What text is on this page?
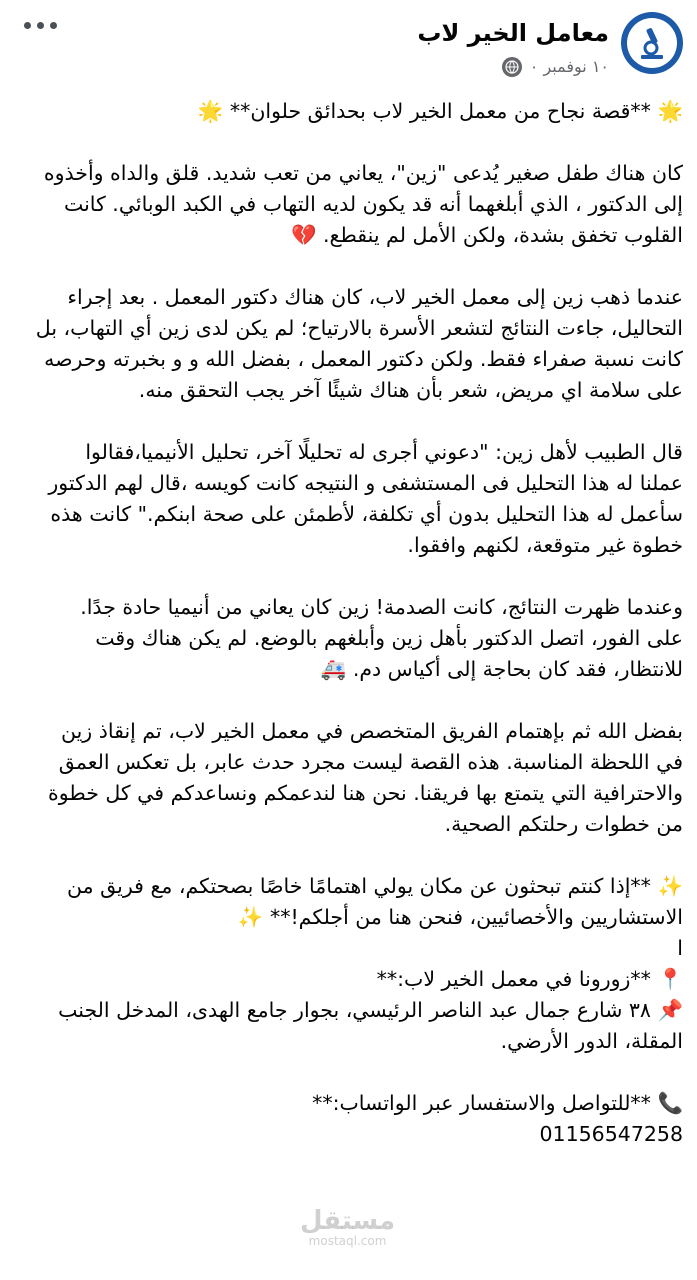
معامل الخير لاب
١٠ نوفمبر ٠
🌟 **قصة نجاح من معمل الخير لاب بحدائق حلوان** 🌟
كان هناك طفل صغير يُدعى "زين"، يعاني من تعب شديد. قلق والداه وأخذوه
إلى الدكتور ، الذي أبلغهما أنه قد يكون لديه التهاب في الكبد الوبائي. كانت
القلوب تخفق بشدة، ولكن الأمل لم ينقطع. 💔
عندما ذهب زين إلى معمل الخير لاب، كان هناك دكتور المعمل . بعد إجراء
التحاليل، جاءت النتائج لتشعر الأسرة بالارتياح؛ لم يكن لدى زين أي التهاب، بل
كانت نسبة صفراء فقط. ولكن دكتور المعمل ، بفضل الله و و بخبرته وحرصه
على سلامة اي مريض، شعر بأن هناك شيئًا آخر يجب التحقق منه.
قال الطبيب لأهل زين: "دعوني أجرى له تحليلًا آخر، تحليل الأنيميا،فقالوا
عملنا له هذا التحليل فى المستشفى و النتيجه كانت كويسه ،قال لهم الدكتور
سأعمل له هذا التحليل بدون أي تكلفة، لأطمئن على صحة ابنكم." كانت هذه
خطوة غير متوقعة، لكنهم وافقوا.
وعندما ظهرت النتائج، كانت الصدمة! زين كان يعاني من أنيميا حادة جدًا.
على الفور، اتصل الدكتور بأهل زين وأبلغهم بالوضع. لم يكن هناك وقت
للانتظار، فقد كان بحاجة إلى أكياس دم. 🚑
بفضل الله ثم بإهتمام الفريق المتخصص في معمل الخير لاب، تم إنقاذ زين
في اللحظة المناسبة. هذه القصة ليست مجرد حدث عابر، بل تعكس العمق
والاحترافية التي يتمتع بها فريقنا. نحن هنا لندعمكم ونساعدكم في كل خطوة
من خطوات رحلتكم الصحية.
✨ **إذا كنتم تبحثون عن مكان يولي اهتمامًا خاصًا بصحتكم، مع فريق من
الاستشاريين والأخصائيين، فنحن هنا من أجلكم!** ✨
ا
📍 **زورونا في معمل الخير لاب:**
📌 ٣٨ شارع جمال عبد الناصر الرئيسي، بجوار جامع الهدى، المدخل الجنب
المقلة، الدور الأرضي.
📞 **للتواصل والاستفسار عبر الواتساب:**
01156547258
مستقل
mostaql.com
